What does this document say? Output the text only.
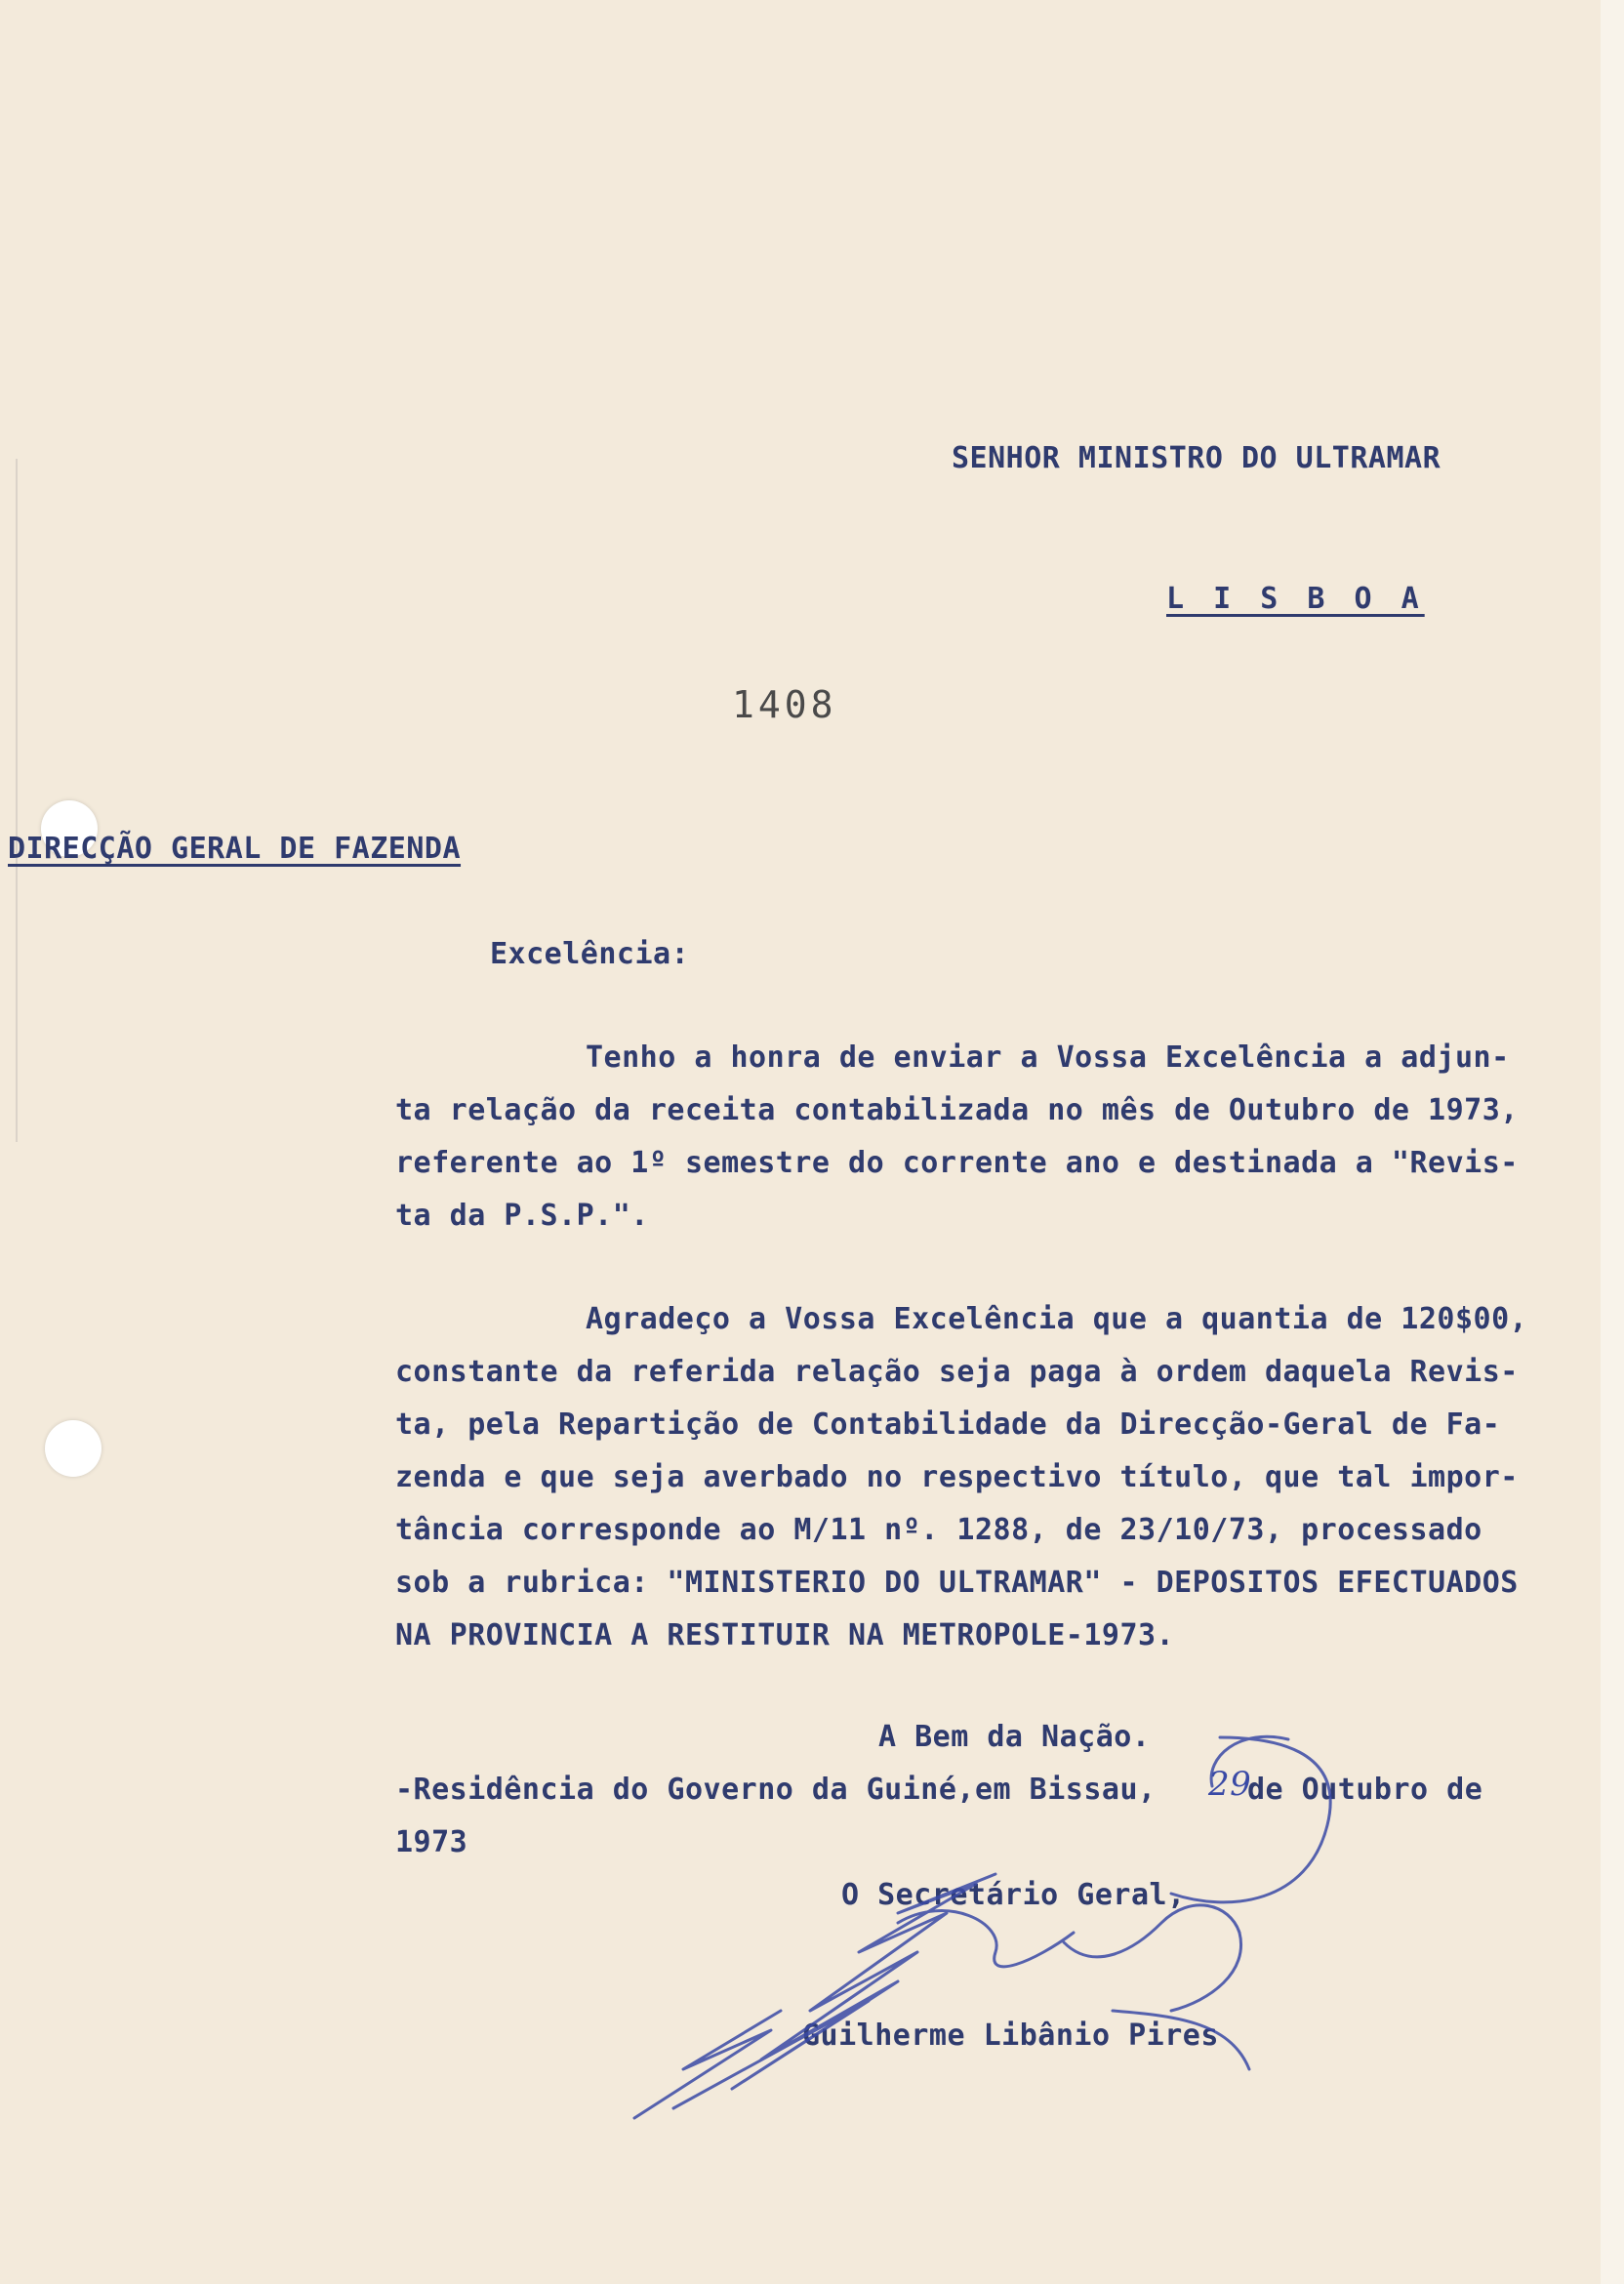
SENHOR MINISTRO DO ULTRAMAR
L I S B O A
1408
DIRECÇÃO GERAL DE FAZENDA
Excelência:
Tenho a honra de enviar a Vossa Excelência a adjun-
ta relação da receita contabilizada no mês de Outubro de 1973,
referente ao 1º semestre do corrente ano e destinada a "Revis-
ta da P.S.P.".
Agradeço a Vossa Excelência que a quantia de 120$00,
constante da referida relação seja paga à ordem daquela Revis-
ta, pela Repartição de Contabilidade da Direcção-Geral de Fa-
zenda e que seja averbado no respectivo título, que tal impor-
tância corresponde ao M/11 nº. 1288, de 23/10/73, processado
sob a rubrica: "MINISTERIO DO ULTRAMAR" - DEPOSITOS EFECTUADOS
NA PROVINCIA A RESTITUIR NA METROPOLE-1973.
A Bem da Nação.
-Residência do Governo da Guiné,em Bissau,	de Outubro de
1973
29
O Secretário Geral,
Guilherme Libânio Pires
